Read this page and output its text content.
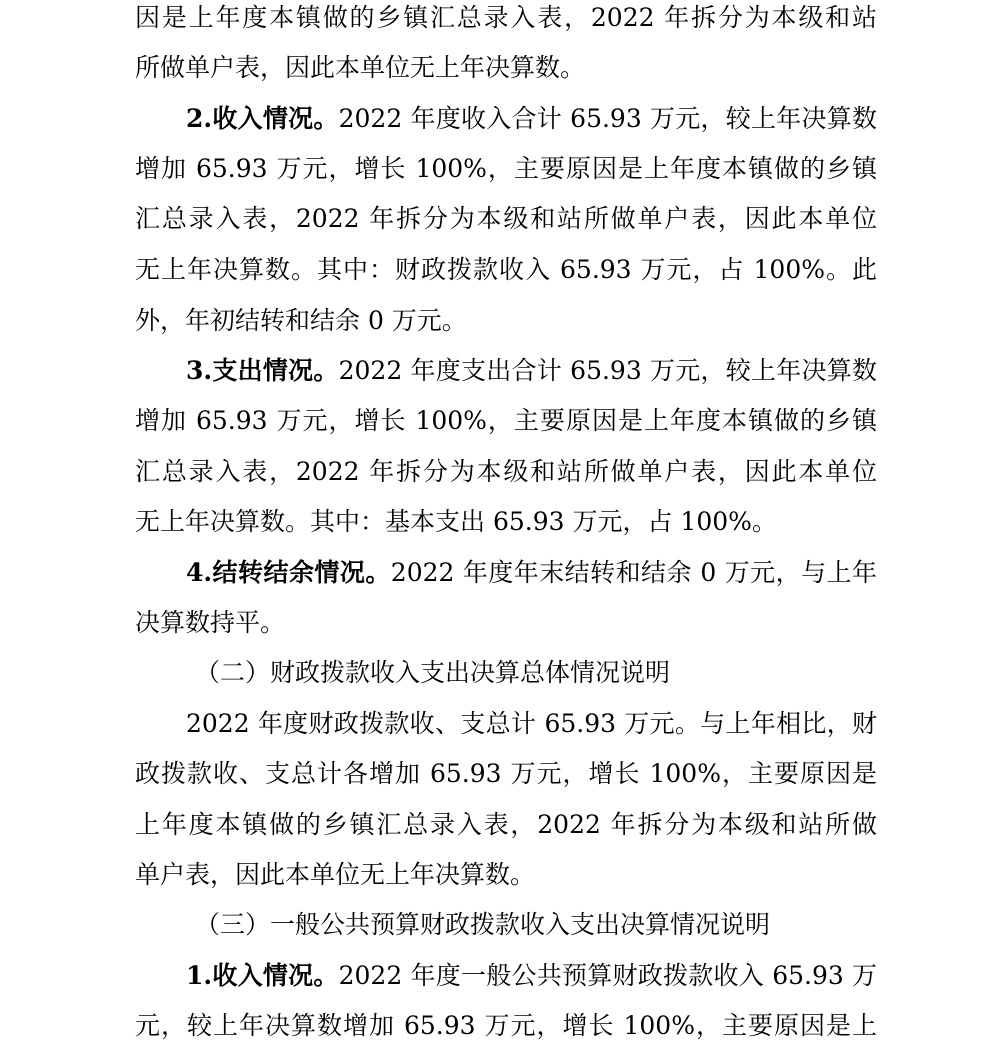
因是上年度本镇做的乡镇汇总录入表，2022 年拆分为本级和站
所做单户表，因此本单位无上年决算数。
2.收入情况。2022 年度收入合计 65.93 万元，较上年决算数
增加 65.93 万元，增长 100%，主要原因是上年度本镇做的乡镇
汇总录入表，2022 年拆分为本级和站所做单户表，因此本单位
无上年决算数。其中：财政拨款收入 65.93 万元，占 100%。此
外，年初结转和结余 0 万元。
3.支出情况。2022 年度支出合计 65.93 万元，较上年决算数
增加 65.93 万元，增长 100%，主要原因是上年度本镇做的乡镇
汇总录入表，2022 年拆分为本级和站所做单户表，因此本单位
无上年决算数。其中：基本支出 65.93 万元，占 100%。
4.结转结余情况。2022 年度年末结转和结余 0 万元，与上年
决算数持平。
（二）财政拨款收入支出决算总体情况说明
2022 年度财政拨款收、支总计 65.93 万元。与上年相比，财
政拨款收、支总计各增加 65.93 万元，增长 100%，主要原因是
上年度本镇做的乡镇汇总录入表，2022 年拆分为本级和站所做
单户表，因此本单位无上年决算数。
（三）一般公共预算财政拨款收入支出决算情况说明
1.收入情况。2022 年度一般公共预算财政拨款收入 65.93 万
元，较上年决算数增加 65.93 万元，增长 100%，主要原因是上
